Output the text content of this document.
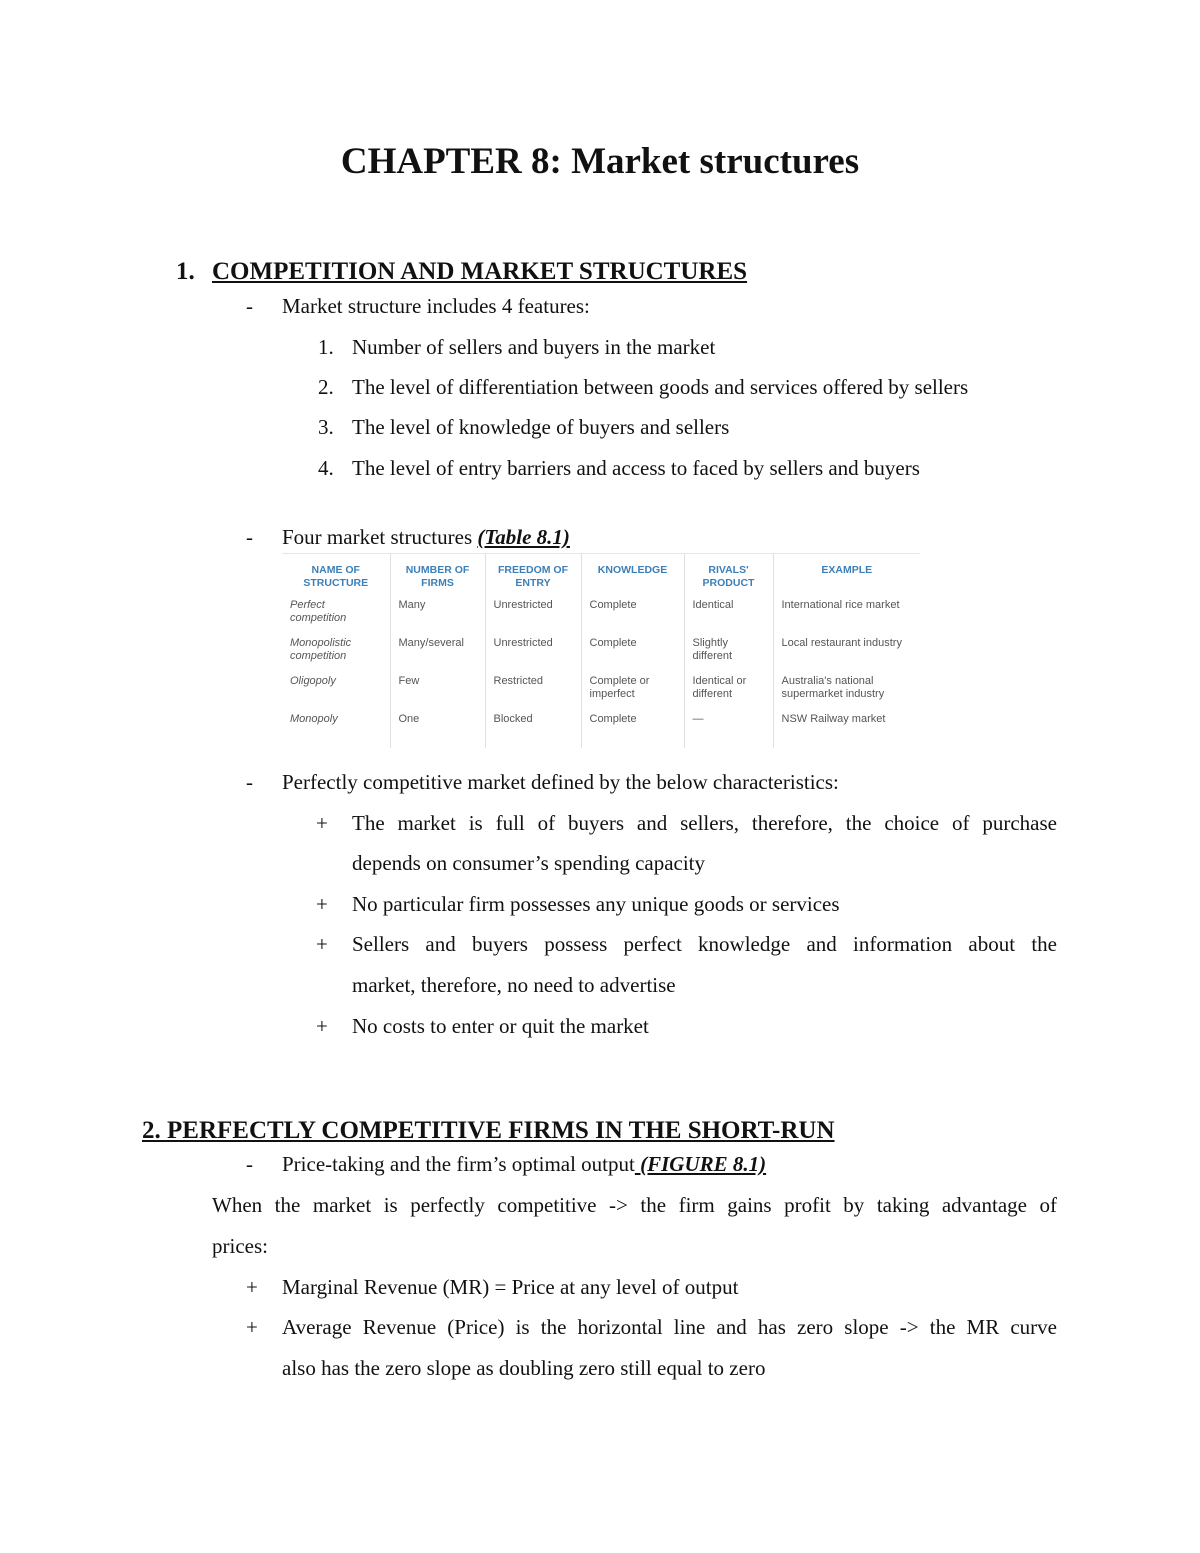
CHAPTER 8: Market structures
1. COMPETITION AND MARKET STRUCTURES
- Market structure includes 4 features:
1. Number of sellers and buyers in the market
2. The level of differentiation between goods and services offered by sellers
3. The level of knowledge of buyers and sellers
4. The level of entry barriers and access to faced by sellers and buyers
- Four market structures (Table 8.1)
NAME OF STRUCTURE	NUMBER OF FIRMS	FREEDOM OF ENTRY	KNOWLEDGE	RIVALS' PRODUCT	EXAMPLE
Perfect competition	Many	Unrestricted	Complete	Identical	International rice market
Monopolistic competition	Many/several	Unrestricted	Complete	Slightly different	Local restaurant industry
Oligopoly	Few	Restricted	Complete or imperfect	Identical or different	Australia's national supermarket industry
Monopoly	One	Blocked	Complete	—	NSW Railway market
- Perfectly competitive market defined by the below characteristics:
+ The market is full of buyers and sellers, therefore, the choice of purchase
depends on consumer’s spending capacity
+ No particular firm possesses any unique goods or services
+ Sellers and buyers possess perfect knowledge and information about the
market, therefore, no need to advertise
+ No costs to enter or quit the market
2. PERFECTLY COMPETITIVE FIRMS IN THE SHORT-RUN
- Price-taking and the firm’s optimal output (FIGURE 8.1)
When the market is perfectly competitive -> the firm gains profit by taking advantage of
prices:
+ Marginal Revenue (MR) = Price at any level of output
+ Average Revenue (Price) is the horizontal line and has zero slope -> the MR curve
also has the zero slope as doubling zero still equal to zero
